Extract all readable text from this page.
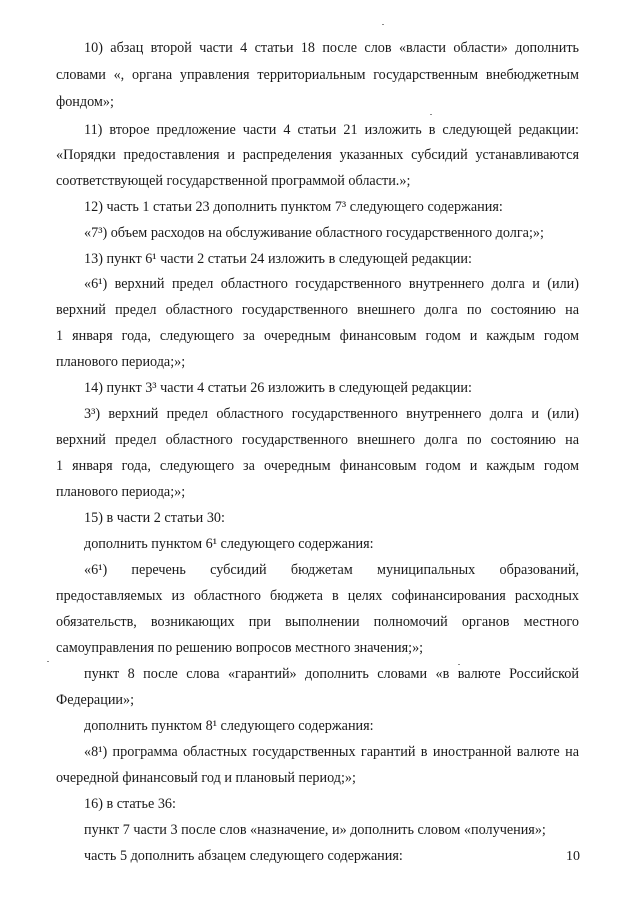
10) абзац второй части 4 статьи 18 после слов «власти области» дополнить
словами «, органа управления территориальным государственным внебюджетным
фондом»;
11) второе предложение части 4 статьи 21 изложить в следующей редакции:
«Порядки предоставления и распределения указанных субсидий устанавливаются
соответствующей государственной программой области.»;
12) часть 1 статьи 23 дополнить пунктом 7³ следующего содержания:
«7³) объем расходов на обслуживание областного государственного долга;»;
13) пункт 6¹ части 2 статьи 24 изложить в следующей редакции:
«6¹) верхний предел областного государственного внутреннего долга и (или)
верхний предел областного государственного внешнего долга по состоянию на
1 января года, следующего за очередным финансовым годом и каждым годом
планового периода;»;
14) пункт 3³ части 4 статьи 26 изложить в следующей редакции:
3³) верхний предел областного государственного внутреннего долга и (или)
верхний предел областного государственного внешнего долга по состоянию на
1 января года, следующего за очередным финансовым годом и каждым годом
планового периода;»;
15) в части 2 статьи 30:
дополнить пунктом 6¹ следующего содержания:
«6¹) перечень субсидий бюджетам муниципальных образований,
предоставляемых из областного бюджета в целях софинансирования расходных
обязательств, возникающих при выполнении полномочий органов местного
самоуправления по решению вопросов местного значения;»;
пункт 8 после слова «гарантий» дополнить словами «в валюте Российской
Федерации»;
дополнить пунктом 8¹ следующего содержания:
«8¹) программа областных государственных гарантий в иностранной валюте на
очередной финансовый год и плановый период;»;
16) в статье 36:
пункт 7 части 3 после слов «назначение, и» дополнить словом «получения»;
часть 5 дополнить абзацем следующего содержания:	10
